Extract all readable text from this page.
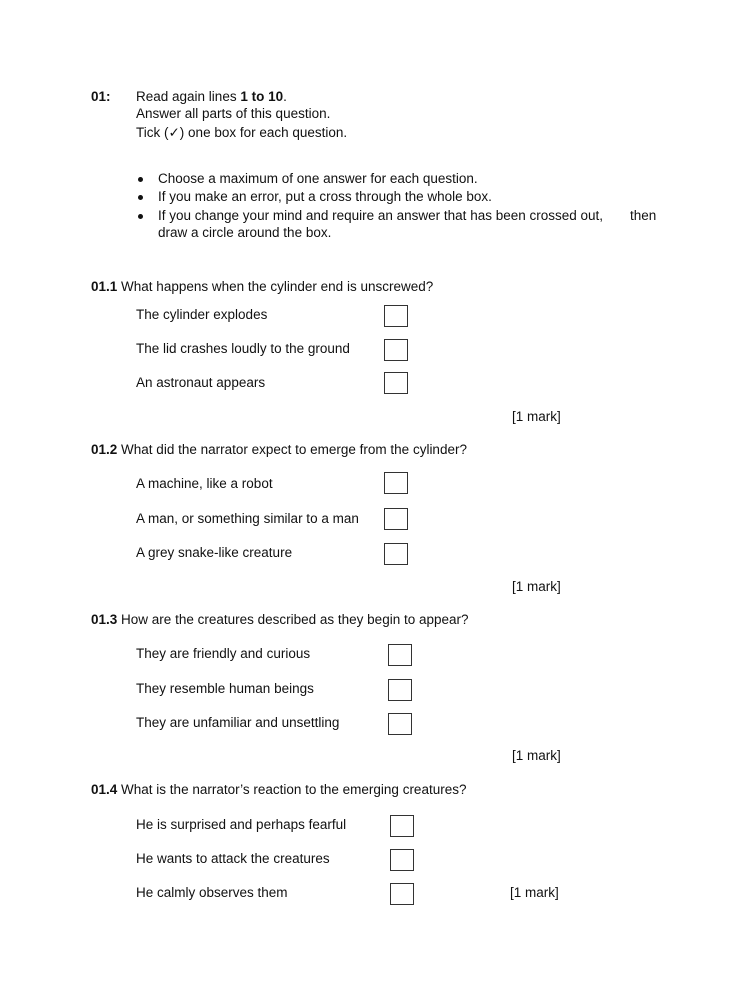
01: Read again lines 1 to 10.
Answer all parts of this question.
Tick (✓) one box for each question.
Choose a maximum of one answer for each question.
If you make an error, put a cross through the whole box.
If you change your mind and require an answer that has been crossed out, then
draw a circle around the box.
01.1 What happens when the cylinder end is unscrewed?
The cylinder explodes
The lid crashes loudly to the ground
An astronaut appears
[1 mark]
01.2 What did the narrator expect to emerge from the cylinder?
A machine, like a robot
A man, or something similar to a man
A grey snake-like creature
[1 mark]
01.3 How are the creatures described as they begin to appear?
They are friendly and curious
They resemble human beings
They are unfamiliar and unsettling
[1 mark]
01.4 What is the narrator’s reaction to the emerging creatures?
He is surprised and perhaps fearful
He wants to attack the creatures
He calmly observes them	[1 mark]
